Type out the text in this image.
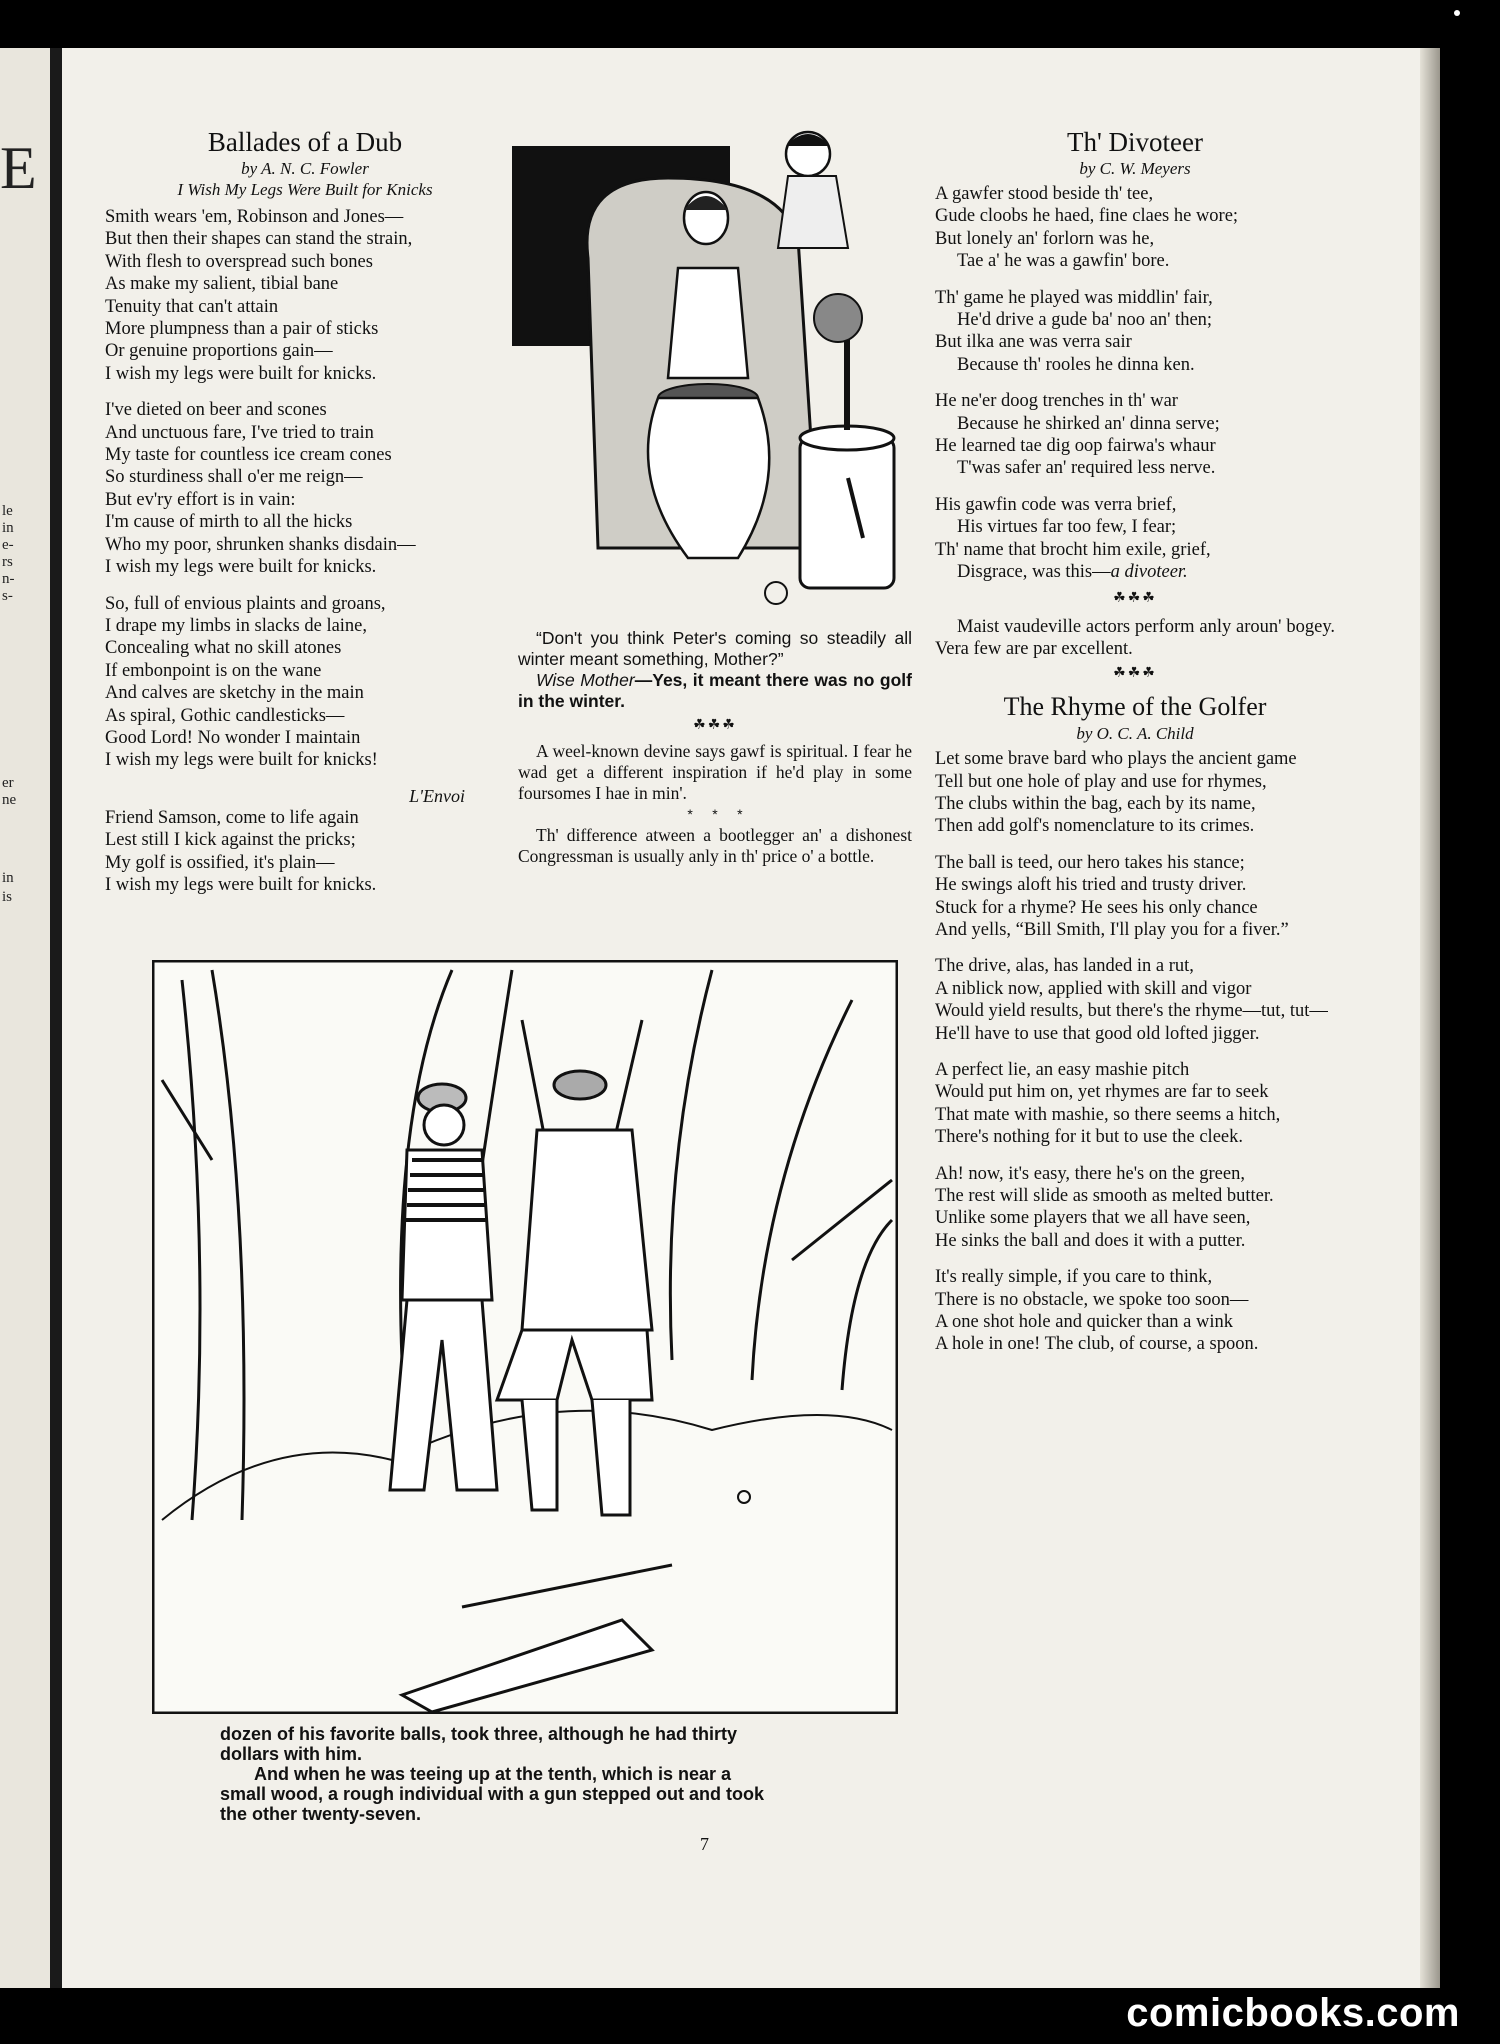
E
le
in
e-
rs
n-
s-
er
ne
in
is

Ballades of a Dub

by A. N. C. Fowler

I Wish My Legs Were Built for Knicks

Smith wears 'em, Robinson and Jones—

But then their shapes can stand the strain,

With flesh to overspread such bones

As make my salient, tibial bane

Tenuity that can't attain

More plumpness than a pair of sticks

Or genuine proportions gain—

I wish my legs were built for knicks.

I've dieted on beer and scones

And unctuous fare, I've tried to train

My taste for countless ice cream cones

So sturdiness shall o'er me reign—

But ev'ry effort is in vain:

I'm cause of mirth to all the hicks

Who my poor, shrunken shanks disdain—

I wish my legs were built for knicks.

So, full of envious plaints and groans,

I drape my limbs in slacks de laine,

Concealing what no skill atones

If embonpoint is on the wane

And calves are sketchy in the main

As spiral, Gothic candlesticks—

Good Lord! No wonder I maintain

I wish my legs were built for knicks!

L'Envoi

Friend Samson, come to life again

Lest still I kick against the pricks;

My golf is ossified, it's plain—

I wish my legs were built for knicks.

“Don't you think Peter's coming so steadily all winter meant something, Mother?”

Wise Mother—Yes, it meant there was no golf in the winter.

☘☘☘

A weel-known devine says gawf is spiritual. I fear he wad get a different inspiration if he'd play in some foursomes I hae in min'.

*     *     *

Th' difference atween a bootlegger an' a dishonest Congressman is usually anly in th' price o' a bottle.

dozen of his favorite balls, took three, although he had thirty dollars with him.

And when he was teeing up at the tenth, which is near a small wood, a rough individual with a gun stepped out and took the other twenty-seven.

7

Th' Divoteer

by C. W. Meyers

A gawfer stood beside th' tee,

Gude cloobs he haed, fine claes he wore;

But lonely an' forlorn was he,

Tae a' he was a gawfin' bore.

Th' game he played was middlin' fair,

He'd drive a gude ba' noo an' then;

But ilka ane was verra sair

Because th' rooles he dinna ken.

He ne'er doog trenches in th' war

Because he shirked an' dinna serve;

He learned tae dig oop fairwa's whaur

T'was safer an' required less nerve.

His gawfin code was verra brief,

His virtues far too few, I fear;

Th' name that brocht him exile, grief,

Disgrace, was this—a divoteer.

☘☘☘

Maist vaudeville actors perform anly aroun' bogey. Vera few are par excellent.

☘☘☘

The Rhyme of the Golfer

by O. C. A. Child

Let some brave bard who plays the ancient game

Tell but one hole of play and use for rhymes,

The clubs within the bag, each by its name,

Then add golf's nomenclature to its crimes.

The ball is teed, our hero takes his stance;

He swings aloft his tried and trusty driver.

Stuck for a rhyme? He sees his only chance

And yells, “Bill Smith, I'll play you for a fiver.”

The drive, alas, has landed in a rut,

A niblick now, applied with skill and vigor

Would yield results, but there's the rhyme—tut, tut—

He'll have to use that good old lofted jigger.

A perfect lie, an easy mashie pitch

Would put him on, yet rhymes are far to seek

That mate with mashie, so there seems a hitch,

There's nothing for it but to use the cleek.

Ah! now, it's easy, there he's on the green,

The rest will slide as smooth as melted butter.

Unlike some players that we all have seen,

He sinks the ball and does it with a putter.

It's really simple, if you care to think,

There is no obstacle, we spoke too soon—

A one shot hole and quicker than a wink

A hole in one! The club, of course, a spoon.

comicbooks.com
